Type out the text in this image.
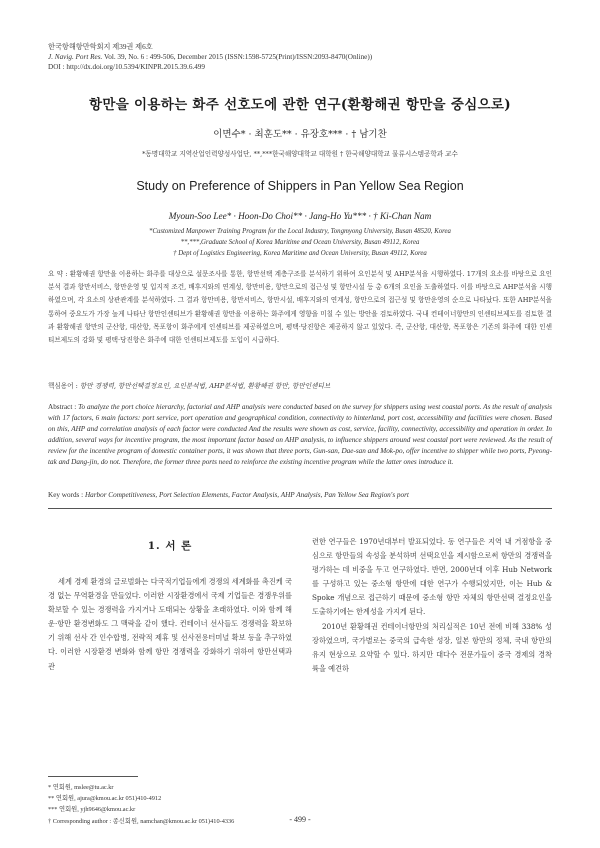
한국항해항만학회지 제39권 제6호
J. Navig. Port Res. Vol. 39, No. 6 : 499-506, December 2015 (ISSN:1598-5725(Print)/ISSN:2093-8470(Online))
DOI : http://dx.doi.org/10.5394/KINPR.2015.39.6.499
항만을 이용하는 화주 선호도에 관한 연구(환황해권 항만을 중심으로)
이면수* · 최훈도** · 유장호*** · † 남기찬
*동명대학교 지역산업인력양성사업단, **,***한국해양대학교 대학원 † 한국해양대학교 물류시스템공학과 교수
Study on Preference of Shippers in Pan Yellow Sea Region
Myoun-Soo Lee* · Hoon-Do Choi** · Jang-Ho Yu*** · † Ki-Chan Nam
*Customized Manpower Training Program for the Local Industry, Tongmyong University, Busan 48520, Korea
**,***,Graduate School of Korea Maritime and Ocean University, Busan 49112, Korea
† Dept of Logistics Engineering, Korea Maritime and Ocean University, Busan 49112, Korea
요 약 : 환황해권 항만을 이용하는 화주를 대상으로 설문조사를 통한, 항만선택 계층구조를 분석하기 위하여 요인분석 및 AHP분석을 시행하였다. 17개의 요소를 바탕으로 요인분석 결과 항만서비스, 항만운영 및 입지적 조건, 배후지와의 연계성, 항만비용, 항만으로의 접근성 및 항만시설 등 총 6개의 요인을 도출하였다. 이를 바탕으로 AHP분석을 시행하였으며, 각 요소의 상관관계를 분석하였다. 그 결과 항만비용, 항만서비스, 항만시설, 배후지와의 연계성, 항만으로의 접근성 및 항만운영의 순으로 나타났다. 또한 AHP분석을 통하여 중요도가 가장 높게 나타난 항만인센티브가 환황해권 항만을 이용하는 화주에게 영향을 미칠 수 있는 방안을 검토하였다. 국내 컨테이너항만의 인센티브제도를 검토한 결과 환황해권 항만의 군산항, 대산항, 목포항이 화주에게 인센티브를 제공하였으며, 평택·당진항은 제공하지 않고 있었다. 즉, 군산항, 대산항, 목포항은 기존의 화주에 대한 인센티브제도의 강화 및 평택·당진항은 화주에 대한 인센티브제도를 도입이 시급하다.
핵심용어 : 항만 경쟁력, 항만선택결정요인, 요인분석법, AHP분석법, 환황해권 항만, 항만인센티브
Abstract : To analyze the port choice hierarchy, factorial and AHP analysis were conducted based on the survey for shippers using west coastal ports. As the result of analysis with 17 factors, 6 main factors: port service, port operation and geographical condition, connectivity to hinterland, port cost, accessibility and facilities were chosen. Based on this, AHP and correlation analysis of each factor were conducted And the results were shown as cost, service, facility, connectivity, accessibility and operation in order. In addition, several ways for incentive program, the most important factor based on AHP analysis, to influence shippers around west coastal port were reviewed. As the result of review for the incentive program of domestic container ports, it was shown that three ports, Gun-san, Dae-san and Mok-po, offer incentive to shipper while two ports, Pyeong-tak and Dang-jin, do not. Therefore, the former three ports need to reinforce the existing incentive program while the latter ones introduce it.
Key words : Harbor Competitiveness, Port Selection Elements, Factor Analysis, AHP Analysis, Pan Yellow Sea Region's port
1. 서 론

세계 경제 환경의 글로벌화는 다국적기업들에게 경쟁의 세계화를 촉진케 국경 없는 무역환경을 만들었다. 이러한 시장환경에서 국제 기업들은 경쟁우위를 확보할 수 있는 경쟁력을 가지거나 도태되는 상황을 초래하였다. 이와 함께 해운·항만 환경변화도 그 맥락을 같이 했다. 컨테이너 선사들도 경쟁력을 확보하기 위해 선사 간 인수합병, 전략적 제휴 및 선사전용터미널 확보 등을 추구하였다. 이러한 시장환경 변화와 함께 항만 경쟁력을 강화하기 위하여 항만선택과 관

련한 연구들은 1970년대부터 발표되었다. 동 연구들은 지역 내 거점항을 중심으로 항만들의 속성을 분석하며 선택요인을 제시함으로써 항만의 경쟁력을 평가하는 데 비중을 두고 연구하였다. 반면, 2000년대 이후 Hub Network를 구성하고 있는 중소형 항만에 대한 연구가 수행되었지만, 이는 Hub & Spoke 개념으로 접근하기 때문에 중소형 항만 자체의 항만선택 결정요인을 도출하기에는 한계성을 가지게 된다.

2010년 환황해권 컨테이너항만의 처리실적은 10년 전에 비해 338% 성장하였으며, 국가별로는 중국의 급속한 성장, 일본 항만의 정체, 국내 항만의 유지 현상으로 요약할 수 있다. 하지만 대다수 전문가들이 중국 경제의 경착륙을 예견하

* 연회원, mslee@tu.ac.kr
** 연회원, ajura@kmou.ac.kr 051)410-4912
*** 연회원, yjh9646@kmou.ac.kr
† Corresponding author : 종신회원, namchan@kmou.ac.kr 051)410-4336	- 499 -
